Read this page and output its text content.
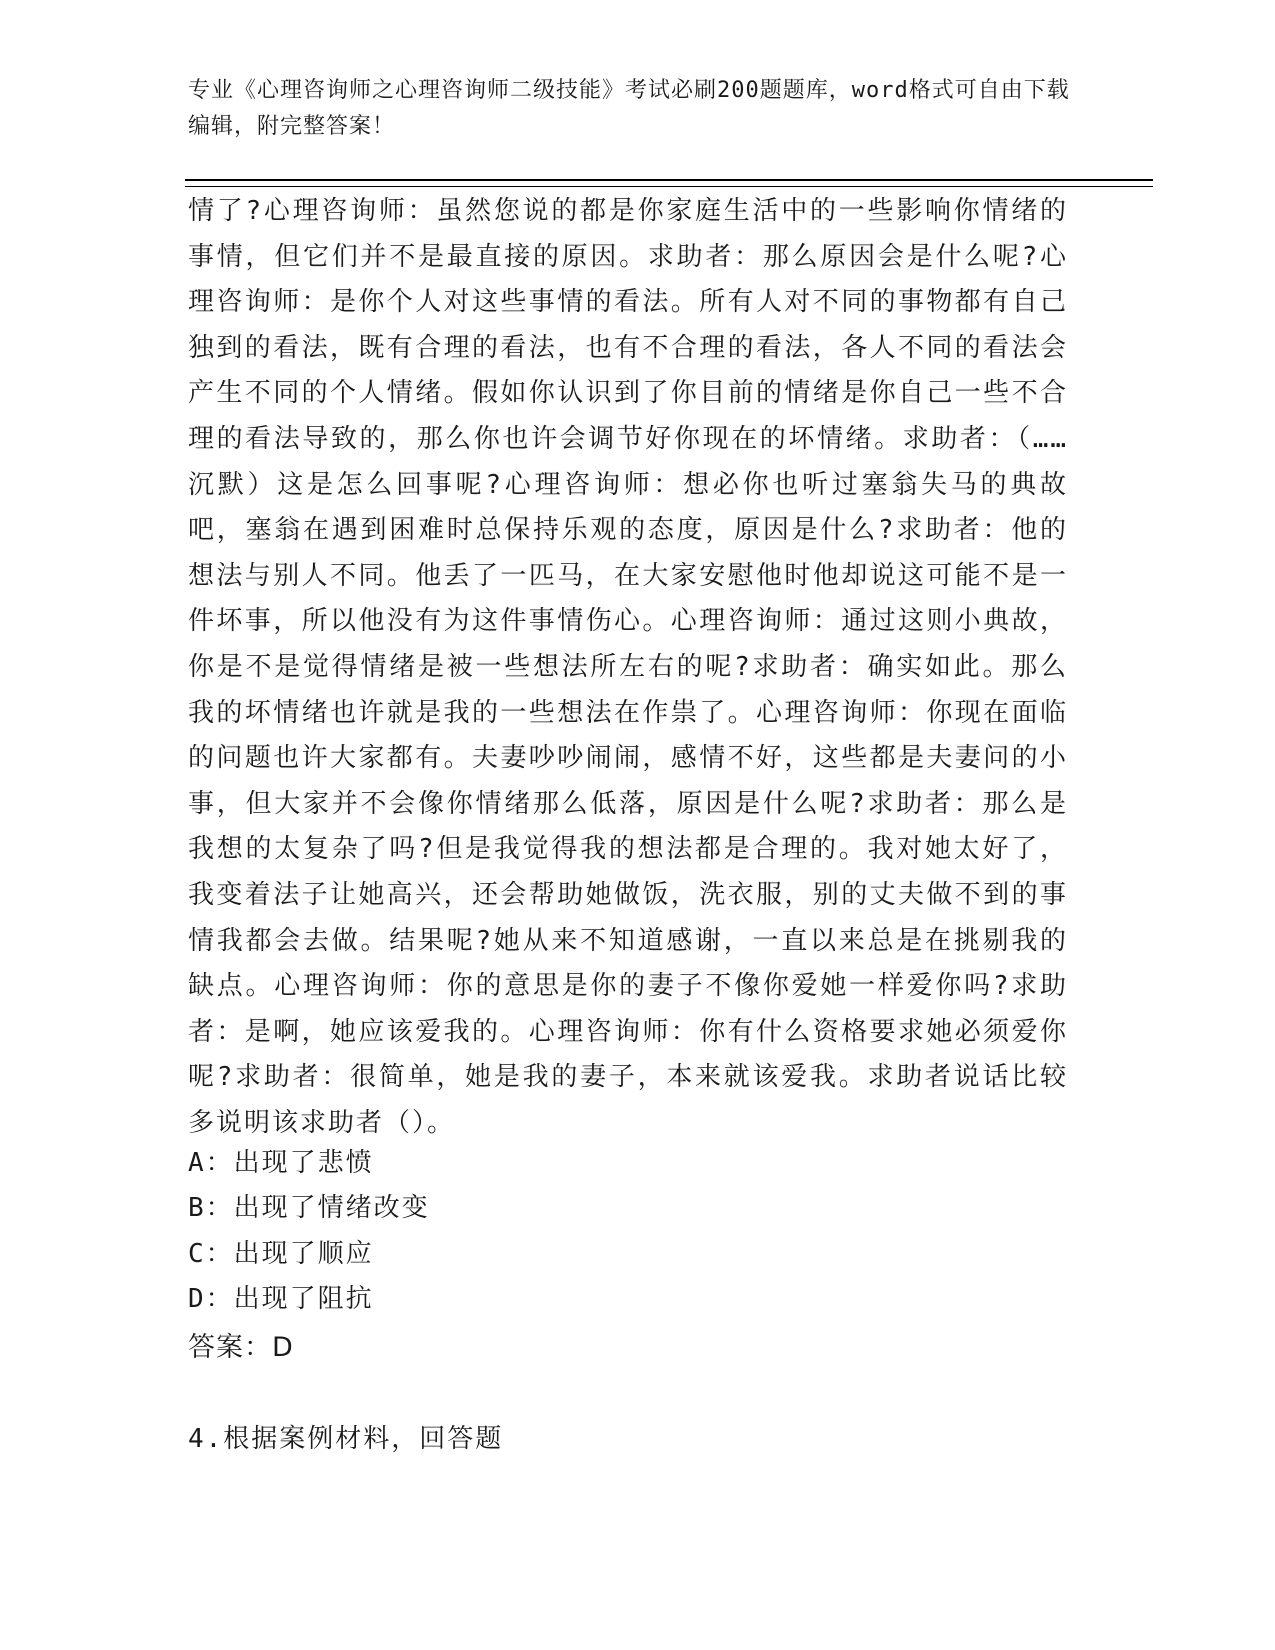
专业《心理咨询师之心理咨询师二级技能》考试必刷200题题库，word格式可自由下载编辑，附完整答案！
情了?心理咨询师：虽然您说的都是你家庭生活中的一些影响你情绪的事情，但它们并不是最直接的原因。求助者：那么原因会是什么呢?心理咨询师：是你个人对这些事情的看法。所有人对不同的事物都有自己独到的看法，既有合理的看法，也有不合理的看法，各人不同的看法会产生不同的个人情绪。假如你认识到了你目前的情绪是你自己一些不合理的看法导致的，那么你也许会调节好你现在的坏情绪。求助者：（……沉默）这是怎么回事呢?心理咨询师：想必你也听过塞翁失马的典故吧，塞翁在遇到困难时总保持乐观的态度，原因是什么?求助者：他的想法与别人不同。他丢了一匹马，在大家安慰他时他却说这可能不是一件坏事，所以他没有为这件事情伤心。心理咨询师：通过这则小典故，你是不是觉得情绪是被一些想法所左右的呢?求助者：确实如此。那么我的坏情绪也许就是我的一些想法在作祟了。心理咨询师：你现在面临的问题也许大家都有。夫妻吵吵闹闹，感情不好，这些都是夫妻问的小事，但大家并不会像你情绪那么低落，原因是什么呢?求助者：那么是我想的太复杂了吗?但是我觉得我的想法都是合理的。我对她太好了，我变着法子让她高兴，还会帮助她做饭，洗衣服，别的丈夫做不到的事情我都会去做。结果呢?她从来不知道感谢，一直以来总是在挑剔我的缺点。心理咨询师：你的意思是你的妻子不像你爱她一样爱你吗?求助者：是啊，她应该爱我的。心理咨询师：你有什么资格要求她必须爱你呢?求助者：很简单，她是我的妻子，本来就该爱我。求助者说话比较多说明该求助者（）。
A：出现了悲愤
B：出现了情绪改变
C：出现了顺应
D：出现了阻抗
答案：D
4.根据案例材料，回答题
